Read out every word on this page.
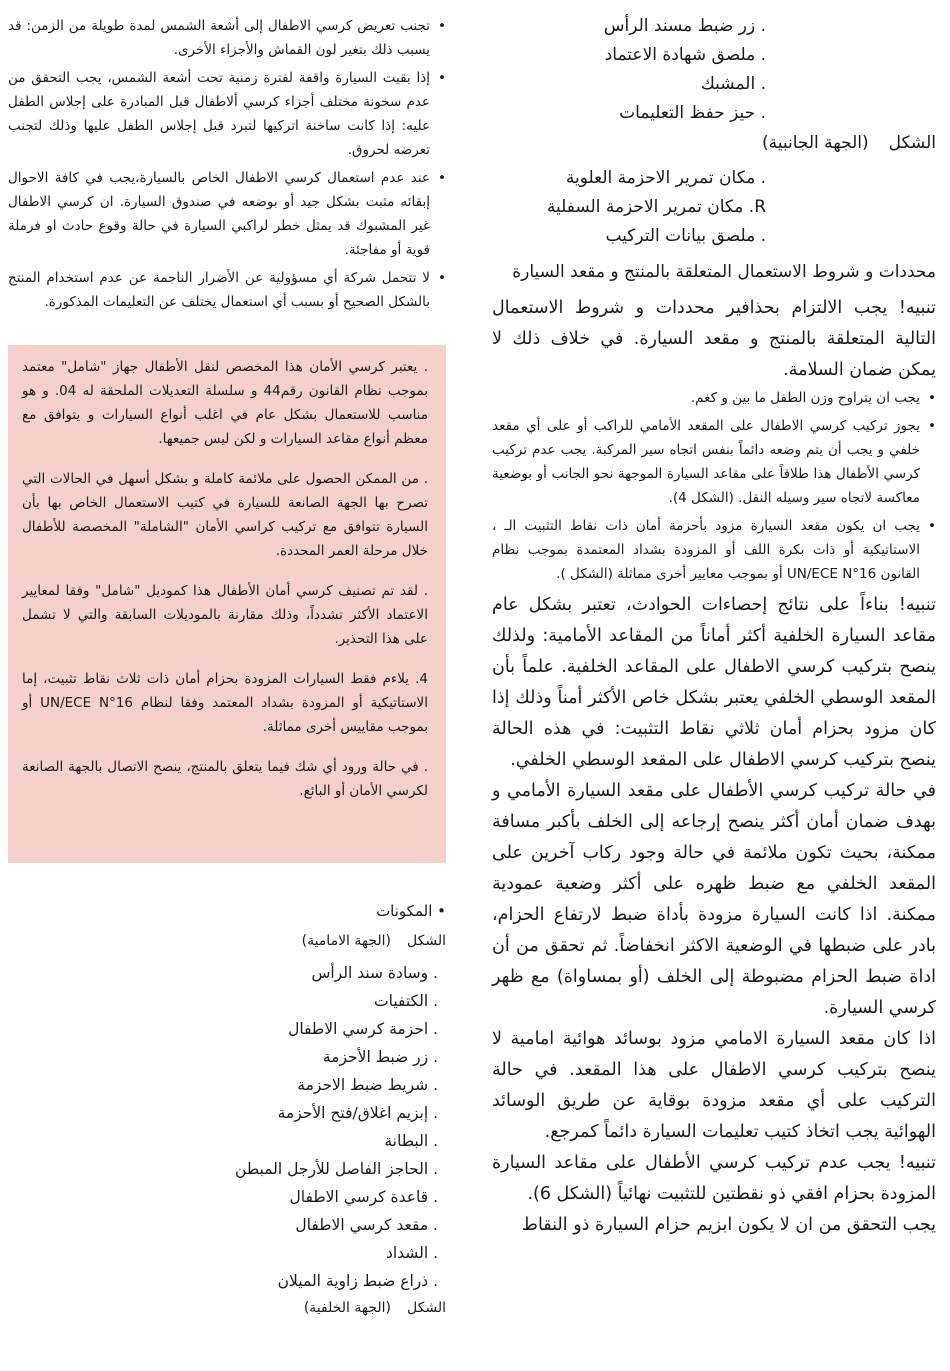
. زر ضبط مسند الرأس
. ملصق شهادة الاعتماد
. المشبك
. حيز حفظ التعليمات
الشكل(الجهة الجانبية)
. مكان تمرير الاحزمة العلوية
R. مكان تمرير الاحزمة السفلية
. ملصق بيانات التركيب
محددات و شروط الاستعمال المتعلقة بالمنتج و مقعد السيارة

تنبيه! يجب الالتزام بحذافير محددات و شروط الاستعمال التالية المتعلقة بالمنتج و مقعد السيارة. في خلاف ذلك لا يمكن ضمان السلامة.

• يجب ان يتراوح وزن الطفل ما بين و كغم.
• يجوز تركيب كرسي الاطفال على المقعد الأمامي للراكب أو على أي مقعد خلفي و يجب أن يتم وضعه دائماً بنفس اتجاه سير المركبة. يجب عدم تركيب كرسي الأطفال هذا طلاقاً على مقاعد السيارة الموجهة نحو الجانب أو بوضعية معاكسة لاتجاه سير وسيله النقل. (الشكل 4).
• يجب ان يكون مقعد السيارة مزود بأحزمة أمان ذات نقاط التثبيت الـ ، الاستاتيكية أو ذات بكرة اللف أو المزودة بشداد المعتمدة بموجب نظام القانون UN/ECE N°16 أو بموجب معايير أخرى مماثلة (الشكل ).

تنبيه! بناءاً على نتائج إحصاءات الحوادث، تعتبر بشكل عام مقاعد السيارة الخلفية أكثر أماناً من المقاعد الأمامية: ولذلك ينصح بتركيب كرسي الاطفال على المقاعد الخلفية. علماً بأن المقعد الوسطي الخلفي يعتبر بشكل خاص الأكثر أمناً وذلك إذا كان مزود بحزام أمان ثلاثي نقاط التثبيت: في هذه الحالة ينصح بتركيب كرسي الاطفال على المقعد الوسطي الخلفي.

في حالة تركيب كرسي الأطفال على مقعد السيارة الأمامي و بهدف ضمان أمان أكثر ينصح إرجاعه إلى الخلف بأكبر مسافة ممكنة، بحيث تكون ملائمة في حالة وجود ركاب آخرين على المقعد الخلفي مع ضبط ظهره على أكثر وضعية عمودية ممكنة. اذا كانت السيارة مزودة بأداة ضبط لارتفاع الحزام، بادر على ضبطها في الوضعية الاكثر انخفاضاً. ثم تحقق من أن اداة ضبط الحزام مضبوطة إلى الخلف (أو بمساواة) مع ظهر كرسي السيارة.

اذا كان مقعد السيارة الامامي مزود بوسائد هوائية امامية لا ينصح بتركيب كرسي الاطفال على هذا المقعد. في حالة التركيب على أي مقعد مزودة بوقاية عن طريق الوسائد الهوائية يجب اتخاذ كتيب تعليمات السيارة دائماً كمرجع.

تنبيه! يجب عدم تركيب كرسي الأطفال على مقاعد السيارة المزودة بحزام افقي ذو نقطتين للتثبيت نهائياً (الشكل 6).

يجب التحقق من ان لا يكون ابزيم حزام السيارة ذو النقاط

• تجنب تعريض كرسي الاطفال إلى أشعة الشمس لمدة طويلة من الزمن: قد يسبب ذلك بتغير لون القماش والأجزاء الأخرى.
• إذا بقيت السيارة واقفة لفترة زمنية تحت أشعة الشمس، يجب التحقق من عدم سخونة مختلف أجزاء كرسي ألاطفال قبل المبادرة على إجلاس الطفل عليه: إذا كانت ساخنة اتركيها لتبرد قبل إجلاس الطفل عليها وذلك لتجنب تعرضه لحروق.
• عند عدم استعمال كرسي الاطفال الخاص بالسيارة،يجب في كافة الاحوال إبقائه مثبت بشكل جيد أو بوضعه في صندوق السيارة. ان كرسي الاطفال غير المشبوك قد يمثل خطر لراكبي السيارة في حالة وقوع حادث او فرملة قوية أو مفاجئة.
• لا تتحمل شركة أي مسؤولية عن الأضرار الناجمة عن عدم استخدام المنتج بالشكل الصحيح أو بسبب أي استعمال يختلف عن التعليمات المذكورة.

. يعتبر كرسي الأمان هذا المخصص لنقل الأطفال جهاز "شامل" معتمد بموجب نظام القانون رقم44 و سلسلة التعديلات الملحقة له 04. و هو مناسب للاستعمال بشكل عام في اغلب أنواع السيارات و يتوافق مع معظم أنواع مقاعد السيارات و لكن ليس جميعها.

. من الممكن الحصول على ملائمة كاملة و بشكل أسهل في الحالات التي تصرح بها الجهة الصانعة للسيارة في كتيب الاستعمال الخاص بها بأن السيارة تتوافق مع تركيب كراسي الأمان "الشاملة" المخصصة للأطفال خلال مرحلة العمر المحددة.

. لقد تم تصنيف كرسي أمان الأطفال هذا كموديل "شامل" وفقا لمعايير الاعتماد الأكثر تشدداً، وذلك مقارنة بالموديلات السابقة والتي لا تشمل على هذا التحذير.

4. يلاءم فقط السيارات المزودة بحزام أمان ذات ثلاث نقاط تثبيت، إما الاستاتيكية أو المزودة بشداد المعتمد وفقا لنظام UN/ECE N°16 أو بموجب مقاييس أخرى مماثلة.

. في حالة ورود أي شك فيما يتعلق بالمنتج، ينصح الاتصال بالجهة الصانعة لكرسي الأمان أو البائع.

• المكونات
الشكل(الجهة الامامية)
. وسادة سند الرأس
. الكتفيات
. احزمة كرسي الاطفال
. زر ضبط الأحزمة
. شريط ضبط الاحزمة
. إبزيم اغلاق/فتح الأحزمة
. البطانة
. الحاجز الفاصل للأرجل المبطن
. قاعدة كرسي الاطفال
. مقعد كرسي الاطفال
. الشداد
. ذراع ضبط زاوية الميلان
الشكل(الجهة الخلفية)
